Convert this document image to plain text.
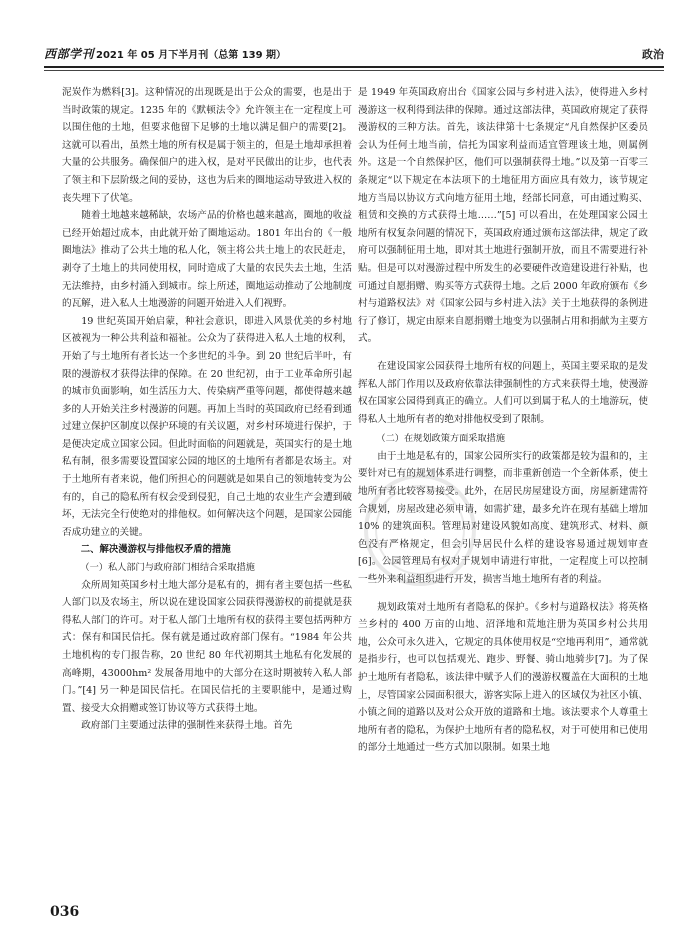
西部学刊 2021 年 05 月下半月刊（总第 139 期）	政治

泥炭作为燃料[3]。这种情况的出现既是出于公众的需要，也是出于当时政策的规定。1235 年的《默顿法令》允许领主在一定程度上可以围住他的土地，但要求他留下足够的土地以满足佃户的需要[2]。这就可以看出，虽然土地的所有权是属于领主的，但是土地却承担着大量的公共服务。确保佃户的进入权，是对平民做出的让步，也代表了领主和下层阶级之间的妥协，这也为后来的圈地运动导致进入权的丧失埋下了伏笔。

随着土地越来越稀缺，农场产品的价格也越来越高，圈地的收益已经开始超过成本，由此就开始了圈地运动。1801 年出台的《一般圈地法》推动了公共土地的私人化，领主将公共土地上的农民赶走，剥夺了土地上的共同使用权，同时造成了大量的农民失去土地，生活无法维持，由乡村涌入到城市。综上所述，圈地运动推动了公地制度的瓦解，进入私人土地漫游的问题开始进入人们视野。

19 世纪英国开始启蒙，种社会意识，即进入风景优美的乡村地区被视为一种公共利益和福祉。公众为了获得进入私人土地的权利，开始了与土地所有者长达一个多世纪的斗争。到 20 世纪后半叶，有限的漫游权才获得法律的保障。在 20 世纪初，由于工业革命所引起的城市负面影响，如生活压力大、传染病严重等问题，都使得越来越多的人开始关注乡村漫游的问题。再加上当时的英国政府已经看到通过建立保护区制度以保护环境的有关议题，对乡村环境进行保护，于是便决定成立国家公园。但此时面临的问题就是，英国实行的是土地私有制，很多需要设置国家公园的地区的土地所有者都是农场主。对于土地所有者来说，他们所担心的问题就是如果自己的领地转变为公有的，自己的隐私所有权会受到侵犯，自己土地的农业生产会遭到破坏，无法完全行使绝对的排他权。如何解决这个问题，是国家公园能否成功建立的关键。

二、解决漫游权与排他权矛盾的措施
（一）私人部门与政府部门相结合采取措施

众所周知英国乡村土地大部分是私有的，拥有者主要包括一些私人部门以及农场主，所以说在建设国家公园获得漫游权的前提就是获得私人部门的许可。对于私人部门土地所有权的获得主要包括两种方式：保有和国民信托。保有就是通过政府部门保有。“1984 年公共土地机构的专门报告称，20 世纪 80 年代初期其土地私有化发展的高峰期，43000hm² 发展备用地中的大部分在这时期被转入私人部门。”[4] 另一种是国民信托。在国民信托的主要职能中，是通过购置、接受大众捐赠或签订协议等方式获得土地。

政府部门主要通过法律的强制性来获得土地。首先

是 1949 年英国政府出台《国家公园与乡村进入法》，使得进入乡村漫游这一权利得到法律的保障。通过这部法律，英国政府规定了获得漫游权的三种方法。首先，该法律第十七条规定“凡自然保护区委员会认为任何土地当前，信托为国家利益而适宜管理该土地，则属例外。这是一个自然保护区，他们可以强制获得土地。”以及第一百零三条规定“以下规定在本法项下的土地征用方面应具有效力，该节规定地方当局以协议方式向地方征用土地，经部长同意，可由通过购买、租赁和交换的方式获得土地……”[5] 可以看出，在处理国家公园土地所有权复杂问题的情况下，英国政府通过颁布这部法律，规定了政府可以强制征用土地，即对其土地进行强制开放，而且不需要进行补贴。但是可以对漫游过程中所发生的必要硬件改造建设进行补贴，也可通过自愿捐赠、购买等方式获得土地。之后 2000 年政府颁布《乡村与道路权法》对《国家公园与乡村进入法》关于土地获得的条例进行了修订，规定由原来自愿捐赠土地变为以强制占用和捐献为主要方式。

在建设国家公园获得土地所有权的问题上，英国主要采取的是发挥私人部门作用以及政府依靠法律强制性的方式来获得土地，使漫游权在国家公园得到真正的确立。人们可以到属于私人的土地游玩，使得私人土地所有者的绝对排他权受到了限制。

（二）在规划政策方面采取措施

由于土地是私有的，国家公园所实行的政策都是较为温和的，主要针对已有的规划体系进行调整，而非重新创造一个全新体系，使土地所有者比较容易接受。此外，在居民房屋建设方面，房屋新建需符合规划，房屋改建必须申请，如需扩建，最多允许在现有基础上增加 10% 的建筑面积。管理局对建设风貌如高度、建筑形式、材料、颜色没有严格规定，但会引导居民什么样的建设容易通过规划审查[6]。公园管理局有权对于规划申请进行审批，一定程度上可以控制一些外来利益组织进行开发，损害当地土地所有者的利益。

规划政策对土地所有者隐私的保护。《乡村与道路权法》将英格兰乡村的 400 万亩的山地、沼泽地和荒地注册为英国乡村公共用地，公众可永久进入，它规定的具体使用权是“空地再利用”，通常就是指步行，也可以包括观光、跑步、野餐、骑山地骑步[7]。为了保护土地所有者隐私，该法律中赋予人们的漫游权覆盖在大面积的土地上，尽管国家公园面积很大，游客实际上进入的区域仅为社区小镇、小镇之间的道路以及对公众开放的道路和土地。该法要求个人尊重土地所有者的隐私，为保护土地所有者的隐私权，对于可使用和已使用的部分土地通过一些方式加以限制。如果土地

036
